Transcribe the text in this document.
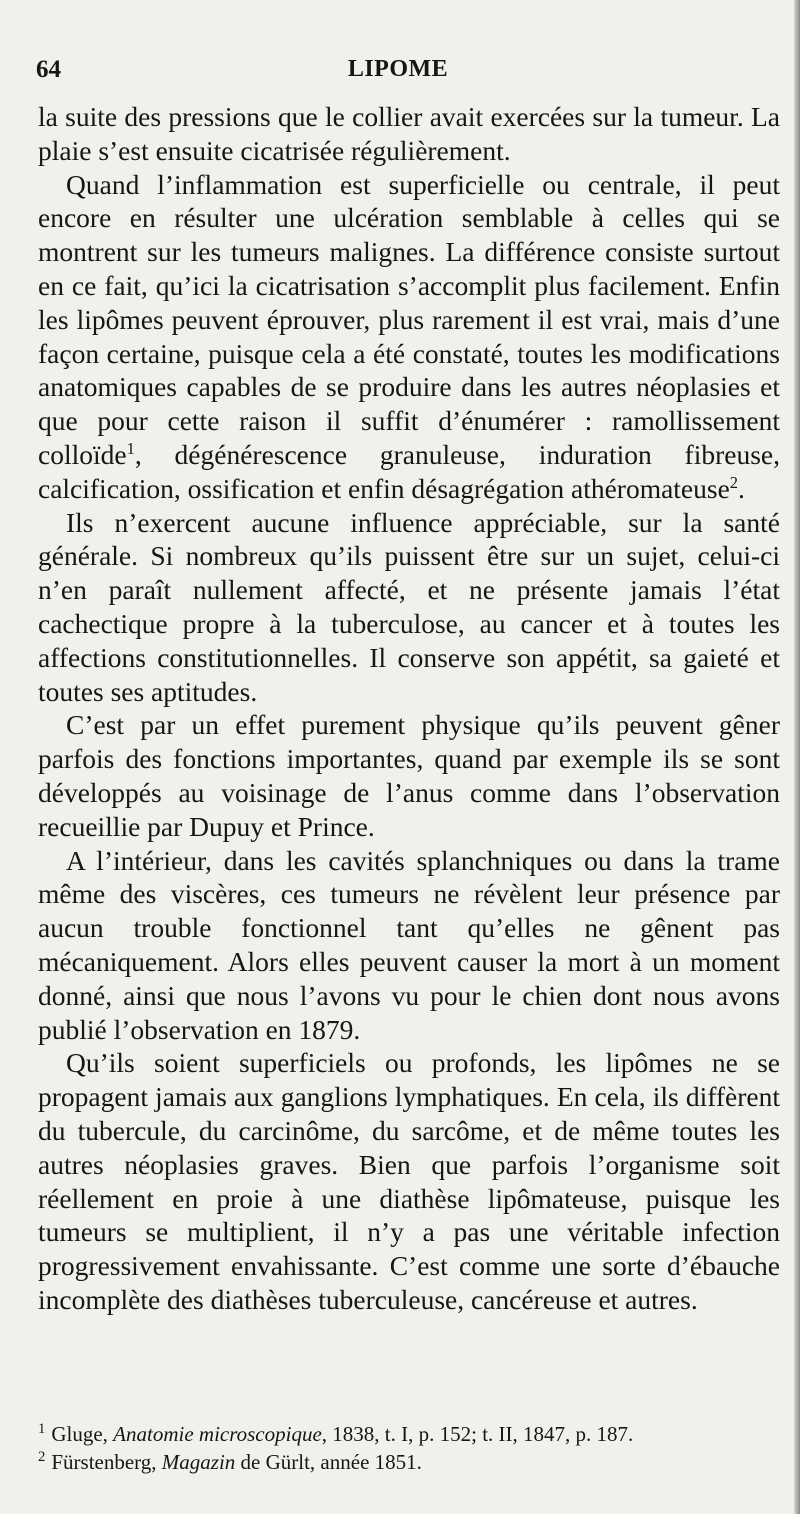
64	LIPOME

la suite des pressions que le collier avait exercées sur la tumeur. La plaie s’est ensuite cicatrisée régulièrement.

Quand l’inflammation est superficielle ou centrale, il peut encore en résulter une ulcération semblable à celles qui se montrent sur les tumeurs malignes. La différence consiste surtout en ce fait, qu’ici la cicatrisation s’accomplit plus facilement. Enfin les lipômes peuvent éprouver, plus rarement il est vrai, mais d’une façon certaine, puisque cela a été constaté, toutes les modifications anatomiques capables de se produire dans les autres néoplasies et que pour cette raison il suffit d’énumérer : ramollissement colloïde$^1$, dégénérescence granuleuse, induration fibreuse, calcification, ossification et enfin désagrégation athéromateuse$^2$.

Ils n’exercent aucune influence appréciable, sur la santé générale. Si nombreux qu’ils puissent être sur un sujet, celui-ci n’en paraît nullement affecté, et ne présente jamais l’état cachectique propre à la tuberculose, au cancer et à toutes les affections constitutionnelles. Il conserve son appétit, sa gaieté et toutes ses aptitudes.

C’est par un effet purement physique qu’ils peuvent gêner parfois des fonctions importantes, quand par exemple ils se sont développés au voisinage de l’anus comme dans l’observation recueillie par Dupuy et Prince.

A l’intérieur, dans les cavités splanchniques ou dans la trame même des viscères, ces tumeurs ne révèlent leur présence par aucun trouble fonctionnel tant qu’elles ne gênent pas mécaniquement. Alors elles peuvent causer la mort à un moment donné, ainsi que nous l’avons vu pour le chien dont nous avons publié l’observation en 1879.

Qu’ils soient superficiels ou profonds, les lipômes ne se propagent jamais aux ganglions lymphatiques. En cela, ils diffèrent du tubercule, du carcinôme, du sarcôme, et de même toutes les autres néoplasies graves. Bien que parfois l’organisme soit réellement en proie à une diathèse lipômateuse, puisque les tumeurs se multiplient, il n’y a pas une véritable infection progressivement envahissante. C’est comme une sorte d’ébauche incomplète des diathèses tuberculeuse, cancéreuse et autres.

$^1$ Gluge, Anatomie microscopique, 1838, t. I, p. 152; t. II, 1847, p. 187.

$^2$ Fürstenberg, Magazin de Gürlt, année 1851.
